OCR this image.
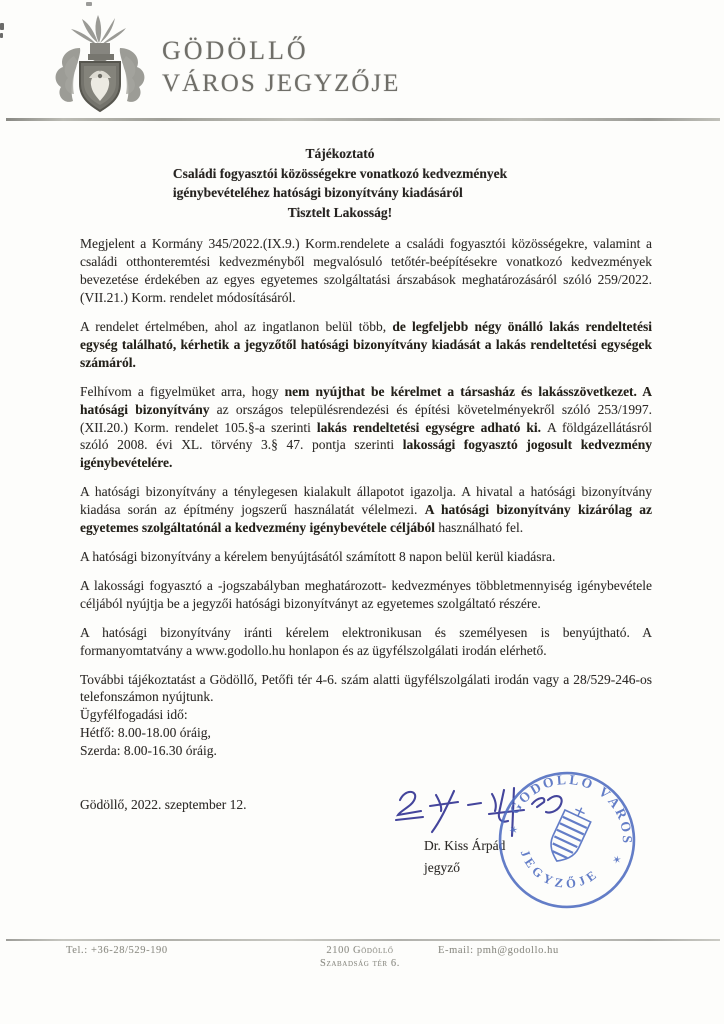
GÖDÖLLŐ
VÁROS JEGYZŐJE
Tájékoztató
Családi fogyasztói közösségekre vonatkozó kedvezmények
igénybevételéhez hatósági bizonyítvány kiadásáról
Tisztelt Lakosság!
Megjelent a Kormány 345/2022.(IX.9.) Korm.rendelete a családi fogyasztói közösségekre, valamint a családi otthonteremtési kedvezményből megvalósuló tetőtér-beépítésekre vonatkozó kedvezmények bevezetése érdekében az egyes egyetemes szolgáltatási árszabások meghatározásáról szóló 259/2022.(VII.21.) Korm. rendelet módosításáról.
A rendelet értelmében, ahol az ingatlanon belül több, de legfeljebb négy önálló lakás rendeltetési egység található, kérhetik a jegyzőtől hatósági bizonyítvány kiadását a lakás rendeltetési egységek számáról.
Felhívom a figyelmüket arra, hogy nem nyújthat be kérelmet a társasház és lakásszövetkezet. A hatósági bizonyítvány az országos településrendezési és építési követelményekről szóló 253/1997.(XII.20.) Korm. rendelet 105.§-a szerinti lakás rendeltetési egységre adható ki. A földgázellátásról szóló 2008. évi XL. törvény 3.§ 47. pontja szerinti lakossági fogyasztó jogosult kedvezmény igénybevételére.
A hatósági bizonyítvány a ténylegesen kialakult állapotot igazolja. A hivatal a hatósági bizonyítvány kiadása során az építmény jogszerű használatát vélelmezi. A hatósági bizonyítvány kizárólag az egyetemes szolgáltatónál a kedvezmény igénybevétele céljából használható fel.
A hatósági bizonyítvány a kérelem benyújtásától számított 8 napon belül kerül kiadásra.
A lakossági fogyasztó a -jogszabályban meghatározott- kedvezményes többletmennyiség igénybevétele céljából nyújtja be a jegyzői hatósági bizonyítványt az egyetemes szolgáltató részére.
A hatósági bizonyítvány iránti kérelem elektronikusan és személyesen is benyújtható. A formanyomtatvány a www.godollo.hu honlapon és az ügyfélszolgálati irodán elérhető.
További tájékoztatást a Gödöllő, Petőfi tér 4-6. szám alatti ügyfélszolgálati irodán vagy a 28/529-246-os telefonszámon nyújtunk.
Ügyfélfogadási idő:
Hétfő: 8.00-18.00 óráig,
Szerda: 8.00-16.30 óráig.
Gödöllő, 2022. szeptember 12.
Dr. Kiss Árpád
jegyző
GÖDÖLLŐ VÁROS
JEGYZŐJE
✶
✶
Tel.: +36-28/529-190	2100 Gödöllő
Szabadság tér 6.
E-mail: pmh@godollo.hu
